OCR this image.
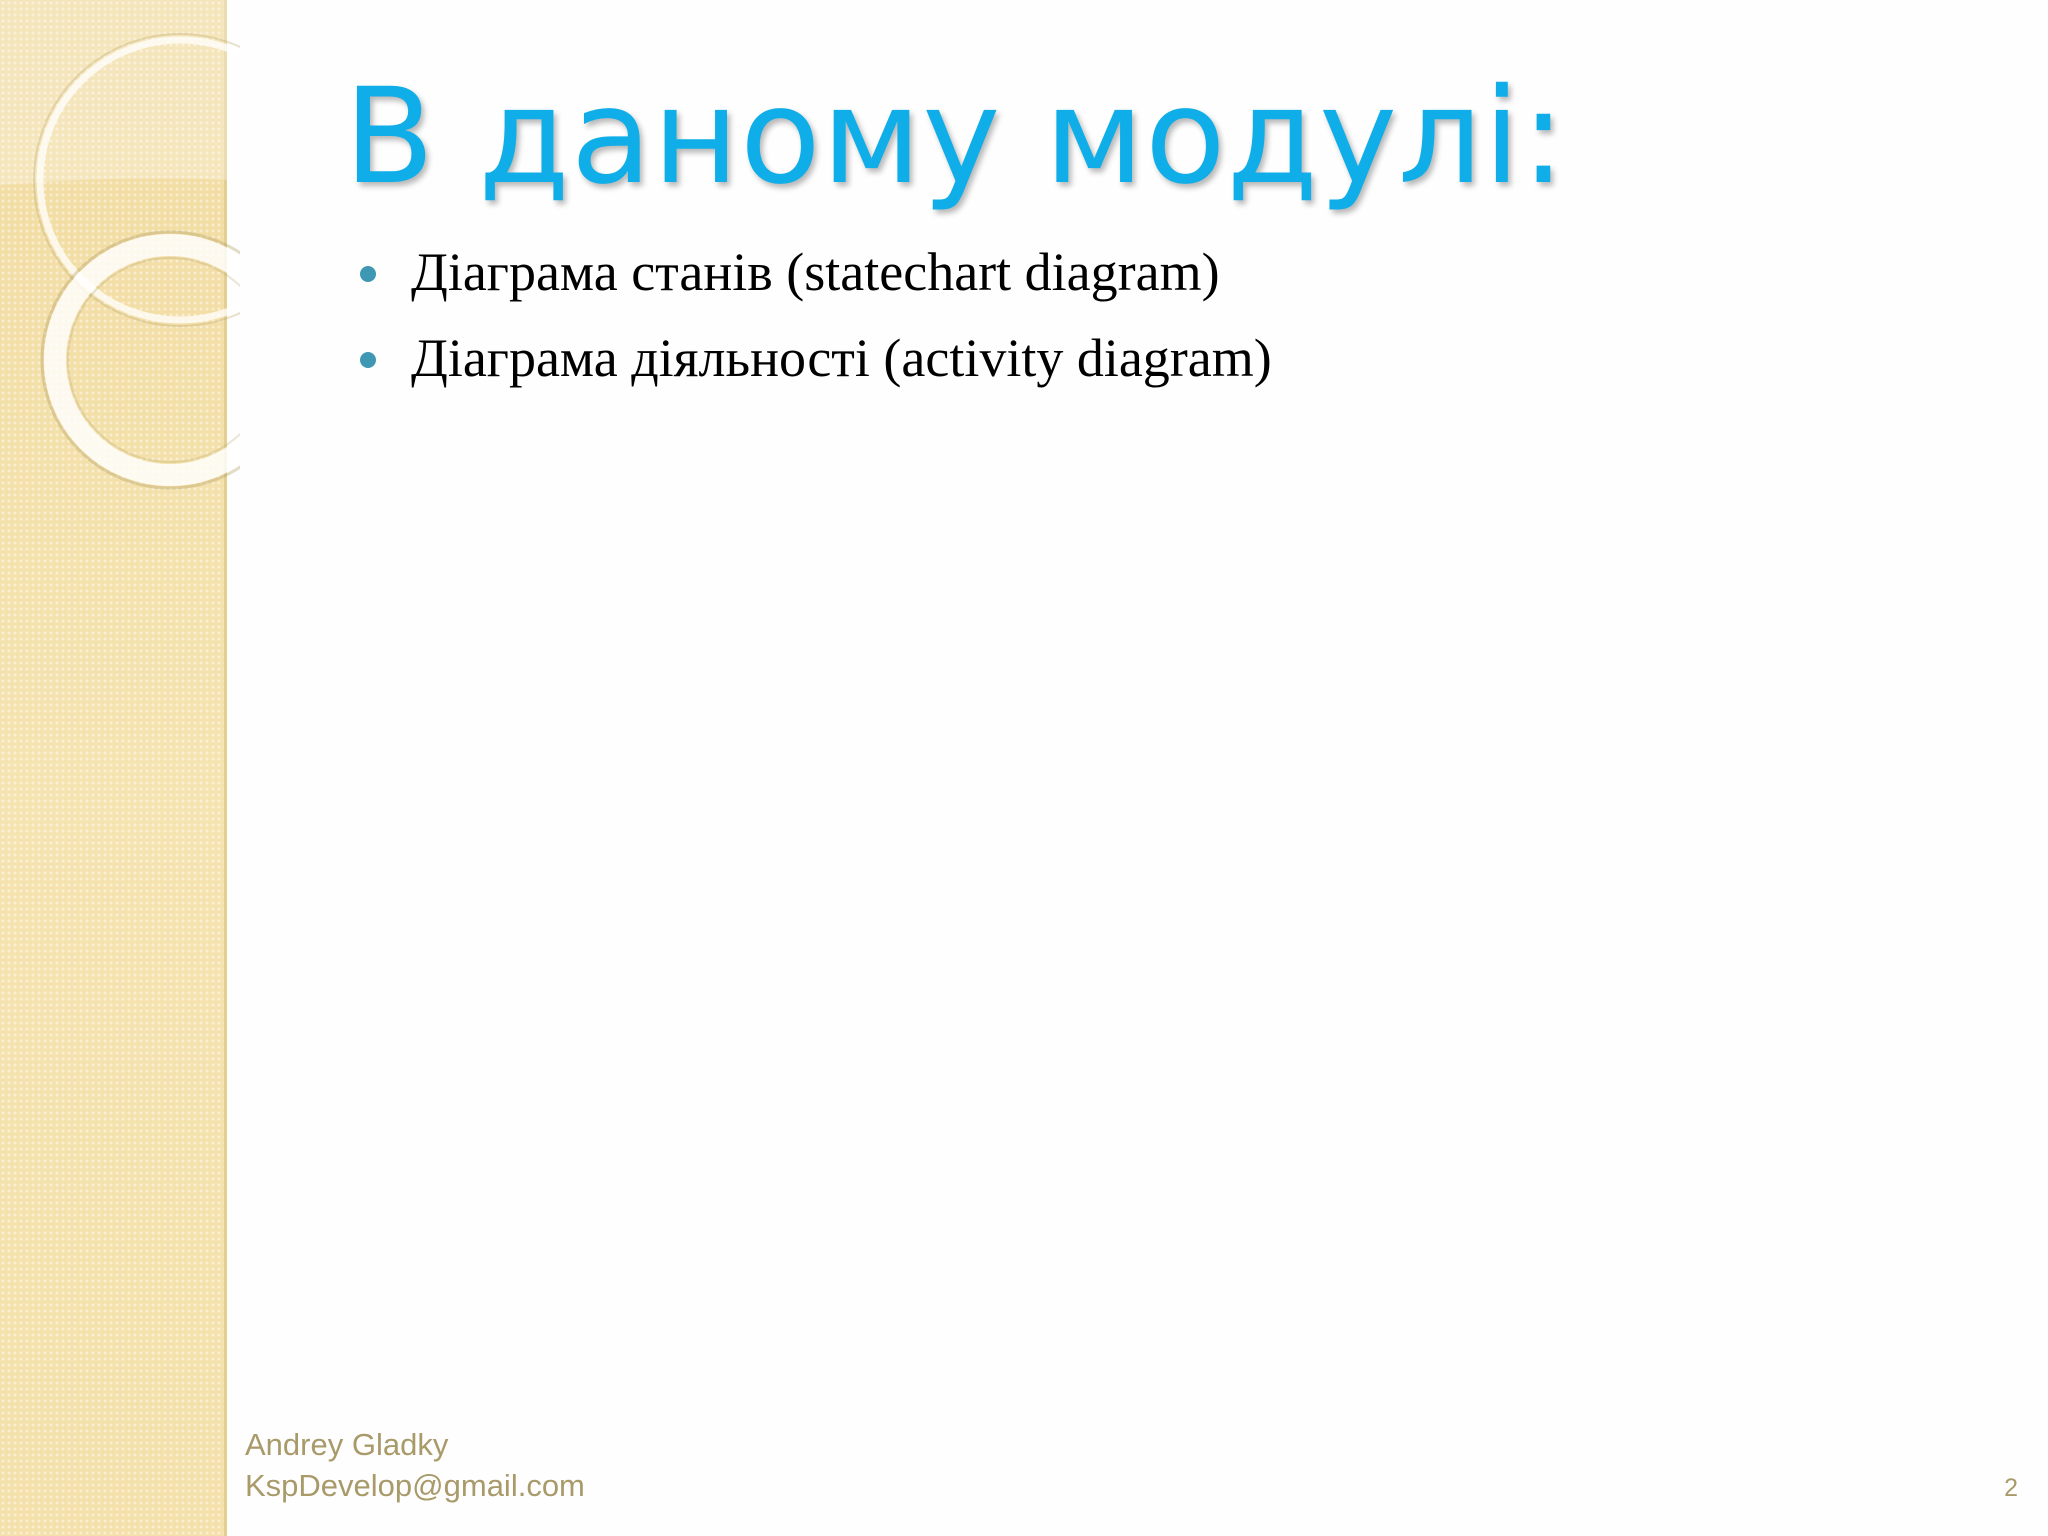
В даному модулі:
Діаграма станів (statechart diagram)
Діаграма діяльності (activity diagram)
Andrey Gladky
KspDevelop@gmail.com	2
